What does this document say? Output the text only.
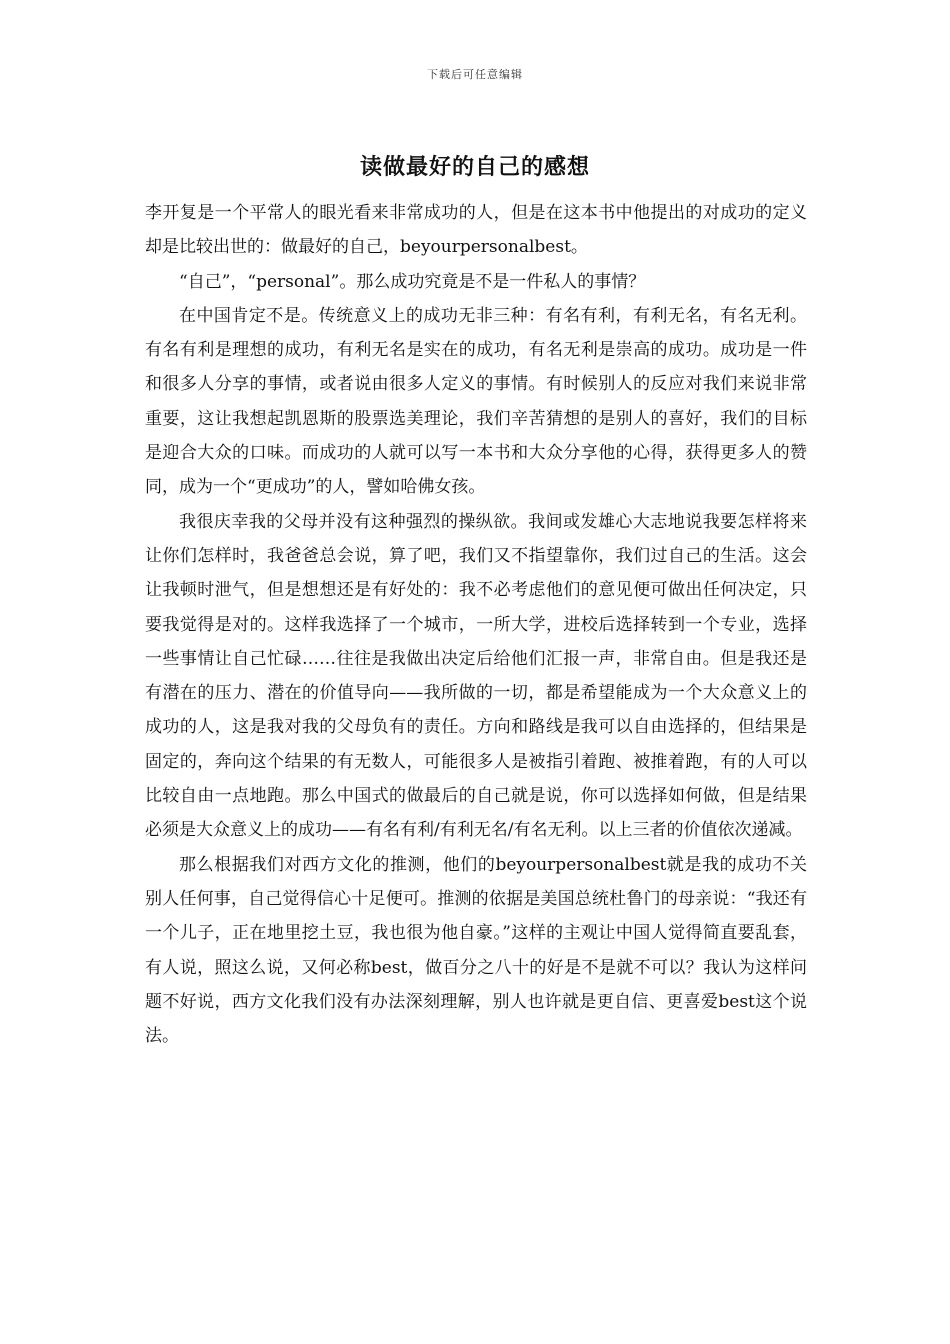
下载后可任意编辑
读做最好的自己的感想

李开复是一个平常人的眼光看来非常成功的人，但是在这本书中他提出的对成功的定义却是比较出世的：做最好的自己，beyourpersonalbest。

“自己”，“personal”。那么成功究竟是不是一件私人的事情？

在中国肯定不是。传统意义上的成功无非三种：有名有利，有利无名，有名无利。有名有利是理想的成功，有利无名是实在的成功，有名无利是崇高的成功。成功是一件和很多人分享的事情，或者说由很多人定义的事情。有时候别人的反应对我们来说非常重要，这让我想起凯恩斯的股票选美理论，我们辛苦猜想的是别人的喜好，我们的目标是迎合大众的口味。而成功的人就可以写一本书和大众分享他的心得，获得更多人的赞同，成为一个“更成功”的人，譬如哈佛女孩。

我很庆幸我的父母并没有这种强烈的操纵欲。我间或发雄心大志地说我要怎样将来让你们怎样时，我爸爸总会说，算了吧，我们又不指望靠你，我们过自己的生活。这会让我顿时泄气，但是想想还是有好处的：我不必考虑他们的意见便可做出任何决定，只要我觉得是对的。这样我选择了一个城市，一所大学，进校后选择转到一个专业，选择一些事情让自己忙碌……往往是我做出决定后给他们汇报一声，非常自由。但是我还是有潜在的压力、潜在的价值导向——我所做的一切，都是希望能成为一个大众意义上的成功的人，这是我对我的父母负有的责任。方向和路线是我可以自由选择的，但结果是固定的，奔向这个结果的有无数人，可能很多人是被指引着跑、被推着跑，有的人可以比较自由一点地跑。那么中国式的做最后的自己就是说，你可以选择如何做，但是结果必须是大众意义上的成功——有名有利/有利无名/有名无利。以上三者的价值依次递减。

那么根据我们对西方文化的推测，他们的beyourpersonalbest就是我的成功不关别人任何事，自己觉得信心十足便可。推测的依据是美国总统杜鲁门的母亲说：“我还有一个儿子，正在地里挖土豆，我也很为他自豪。”这样的主观让中国人觉得简直要乱套，有人说，照这么说，又何必称best，做百分之八十的好是不是就不可以？我认为这样问题不好说，西方文化我们没有办法深刻理解，别人也许就是更自信、更喜爱best这个说法。
